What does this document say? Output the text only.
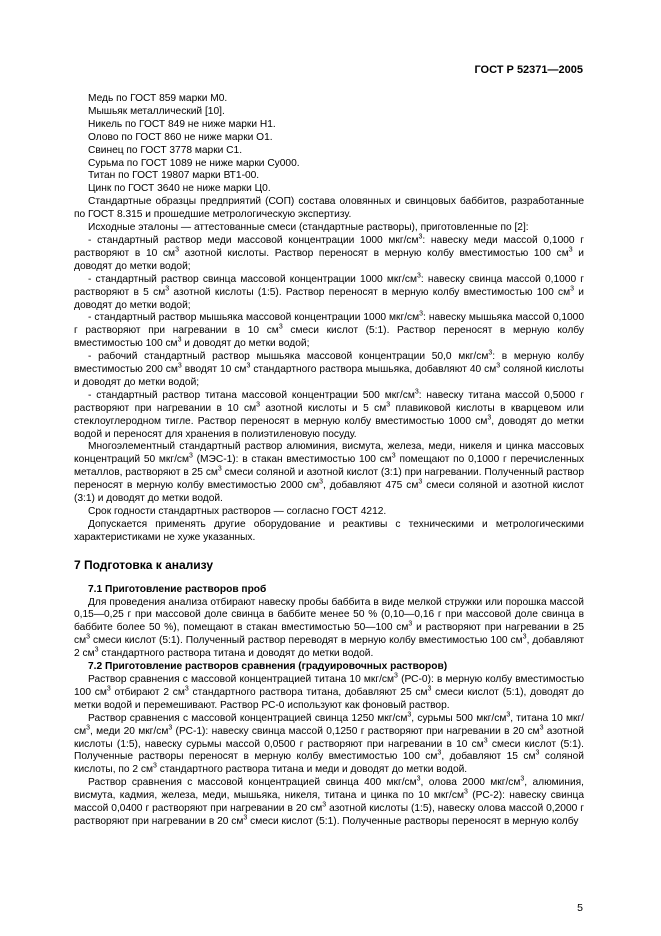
ГОСТ Р 52371—2005

Медь по ГОСТ 859 марки М0.

Мышьяк металлический [10].

Никель по ГОСТ 849 не ниже марки Н1.

Олово по ГОСТ 860 не ниже марки О1.

Свинец по ГОСТ 3778 марки С1.

Сурьма по ГОСТ 1089 не ниже марки Су000.

Титан по ГОСТ 19807 марки ВТ1-00.

Цинк по ГОСТ 3640 не ниже марки Ц0.

Стандартные образцы предприятий (СОП) состава оловянных и свинцовых баббитов, разработанные по ГОСТ 8.315 и прошедшие метрологическую экспертизу.

Исходные эталоны — аттестованные смеси (стандартные растворы), приготовленные по [2]:

- стандартный раствор меди массовой концентрации 1000 мкг/$см^3$: навеску меди массой 0,1000 г растворяют в 10 $см^3$ азотной кислоты. Раствор переносят в мерную колбу вместимостью 100 $см^3$ и доводят до метки водой;

- стандартный раствор свинца массовой концентрации 1000 мкг/$см^3$: навеску свинца массой 0,1000 г растворяют в 5 $см^3$ азотной кислоты (1:5). Раствор переносят в мерную колбу вместимостью 100 $см^3$ и доводят до метки водой;

- стандартный раствор мышьяка массовой концентрации 1000 мкг/$см^3$: навеску мышьяка массой 0,1000 г растворяют при нагревании в 10 $см^3$ смеси кислот (5:1). Раствор переносят в мерную колбу вместимостью 100 $см^3$ и доводят до метки водой;

- рабочий стандартный раствор мышьяка массовой концентрации 50,0 мкг/$см^3$: в мерную колбу вместимостью 200 $см^3$ вводят 10 $см^3$ стандартного раствора мышьяка, добавляют 40 $см^3$ соляной кислоты и доводят до метки водой;

- стандартный раствор титана массовой концентрации 500 мкг/$см^3$: навеску титана массой 0,5000 г растворяют при нагревании в 10 $см^3$ азотной кислоты и 5 $см^3$ плавиковой кислоты в кварцевом или стеклоуглеродном тигле. Раствор переносят в мерную колбу вместимостью 1000 $см^3$, доводят до метки водой и переносят для хранения в полиэтиленовую посуду.

Многоэлементный стандартный раствор алюминия, висмута, железа, меди, никеля и цинка массовых концентраций 50 мкг/$см^3$ (МЭС-1): в стакан вместимостью 100 $см^3$ помещают по 0,1000 г перечисленных металлов, растворяют в 25 $см^3$ смеси соляной и азотной кислот (3:1) при нагревании. Полученный раствор переносят в мерную колбу вместимостью 2000 $см^3$, добавляют 475 $см^3$ смеси соляной и азотной кислот (3:1) и доводят до метки водой.

Срок годности стандартных растворов — согласно ГОСТ 4212.

Допускается применять другие оборудование и реактивы с техническими и метрологическими характеристиками не хуже указанных.

7 Подготовка к анализу

7.1 Приготовление растворов проб

Для проведения анализа отбирают навеску пробы баббита в виде мелкой стружки или порошка массой 0,15—0,25 г при массовой доле свинца в баббите менее 50 % (0,10—0,16 г при массовой доле свинца в баббите более 50 %), помещают в стакан вместимостью 50—100 $см^3$ и растворяют при нагревании в 25 $см^3$ смеси кислот (5:1). Полученный раствор переводят в мерную колбу вместимостью 100 $см^3$, добавляют 2 $см^3$ стандартного раствора титана и доводят до метки водой.

7.2 Приготовление растворов сравнения (градуировочных растворов)

Раствор сравнения с массовой концентрацией титана 10 мкг/$см^3$ (РС-0): в мерную колбу вместимостью 100 $см^3$ отбирают 2 $см^3$ стандартного раствора титана, добавляют 25 $см^3$ смеси кислот (5:1), доводят до метки водой и перемешивают. Раствор РС-0 используют как фоновый раствор.

Раствор сравнения с массовой концентрацией свинца 1250 мкг/$см^3$, сурьмы 500 мкг/$см^3$, титана 10 мкг/$см^3$, меди 20 мкг/$см^3$ (РС-1): навеску свинца массой 0,1250 г растворяют при нагревании в 20 $см^3$ азотной кислоты (1:5), навеску сурьмы массой 0,0500 г растворяют при нагревании в 10 $см^3$ смеси кислот (5:1). Полученные растворы переносят в мерную колбу вместимостью 100 $см^3$, добавляют 15 $см^3$ соляной кислоты, по 2 $см^3$ стандартного раствора титана и меди и доводят до метки водой.

Раствор сравнения с массовой концентрацией свинца 400 мкг/$см^3$, олова 2000 мкг/$см^3$, алюминия, висмута, кадмия, железа, меди, мышьяка, никеля, титана и цинка по 10 мкг/$см^3$ (РС-2): навеску свинца массой 0,0400 г растворяют при нагревании в 20 $см^3$ азотной кислоты (1:5), навеску олова массой 0,2000 г растворяют при нагревании в 20 $см^3$ смеси кислот (5:1). Полученные растворы переносят в мерную колбу

5
